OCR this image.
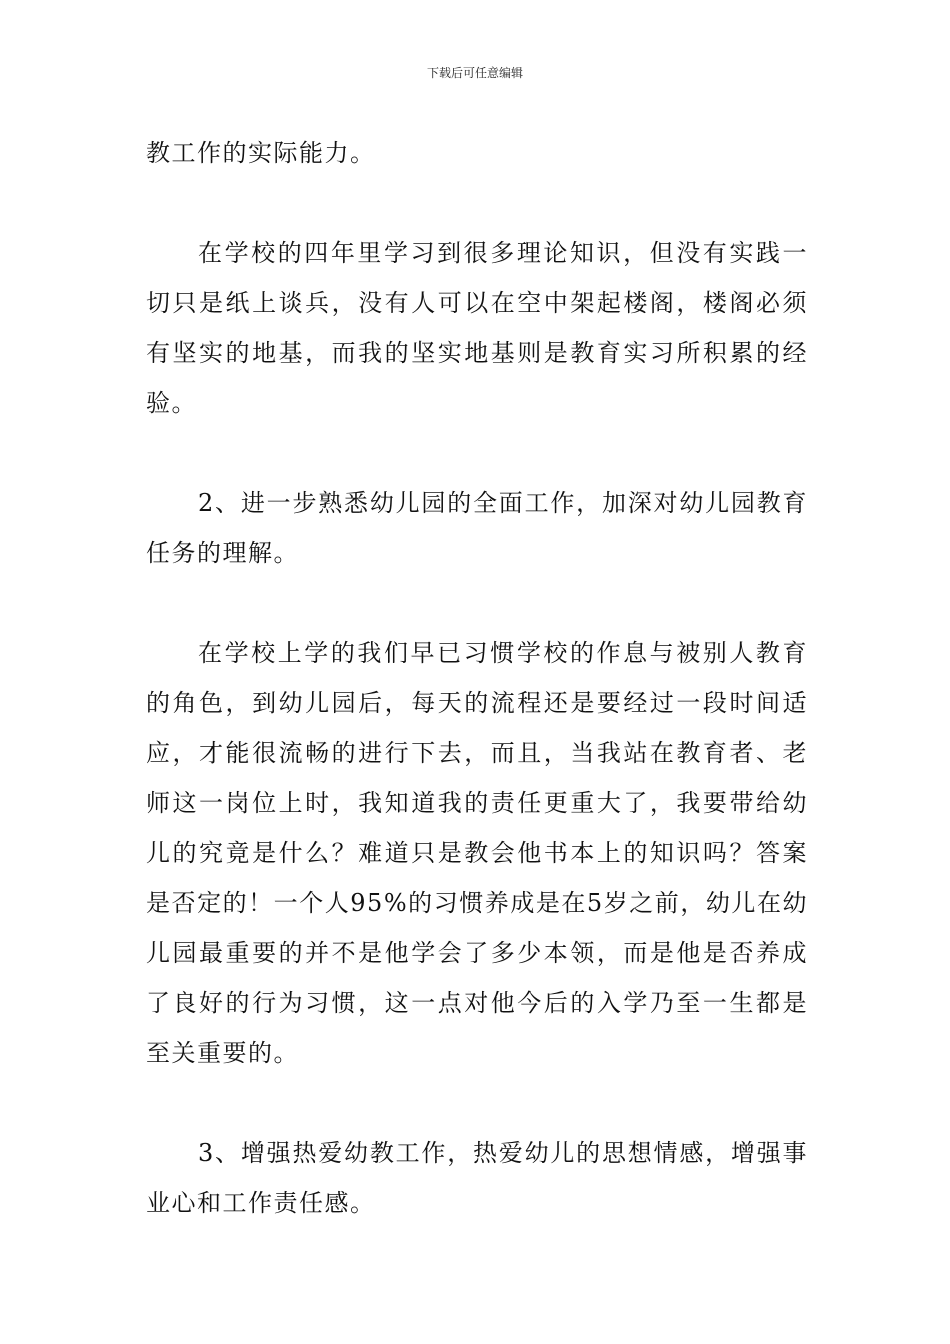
下载后可任意编辑

教工作的实际能力。

在学校的四年里学习到很多理论知识，但没有实践一切只是纸上谈兵，没有人可以在空中架起楼阁，楼阁必须有坚实的地基，而我的坚实地基则是教育实习所积累的经验。

2、进一步熟悉幼儿园的全面工作，加深对幼儿园教育任务的理解。

在学校上学的我们早已习惯学校的作息与被别人教育的角色，到幼儿园后，每天的流程还是要经过一段时间适应，才能很流畅的进行下去，而且，当我站在教育者、老师这一岗位上时，我知道我的责任更重大了，我要带给幼儿的究竟是什么？难道只是教会他书本上的知识吗？答案是否定的！一个人95%的习惯养成是在5岁之前，幼儿在幼儿园最重要的并不是他学会了多少本领，而是他是否养成了良好的行为习惯，这一点对他今后的入学乃至一生都是至关重要的。

3、增强热爱幼教工作，热爱幼儿的思想情感，增强事业心和工作责任感。
